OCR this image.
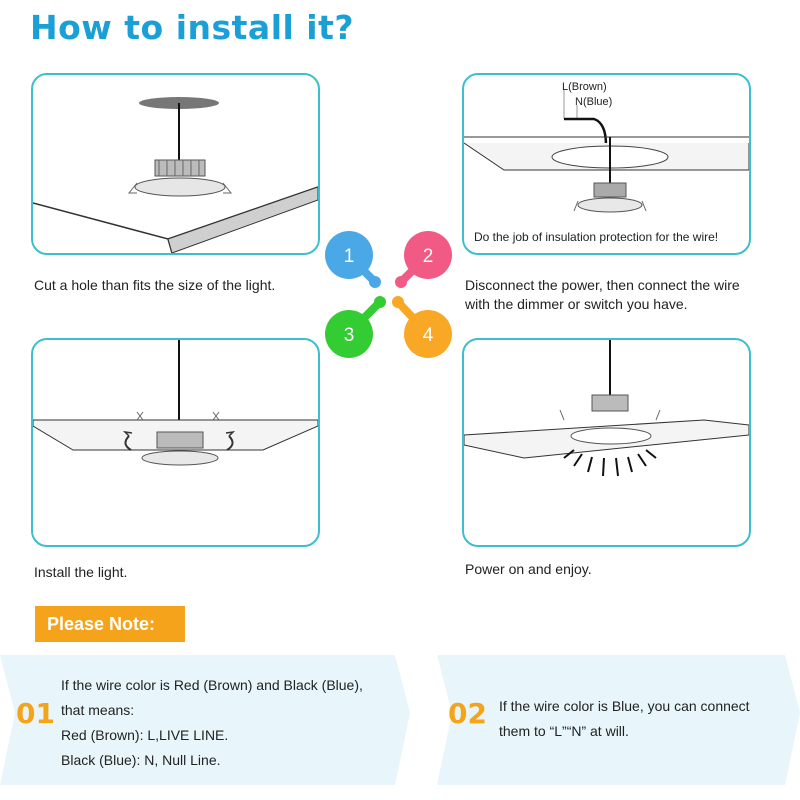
How to install it?
Cut a hole than fits the size of the light.
L(Brown)
N(Blue)
Do the job of insulation protection for the wire!
Disconnect the power, then connect the wire
with the dimmer or switch you have.
1	2
3	4
Install the light.	Power on and enjoy.
Please Note:
01
If the wire color is Red (Brown) and Black (Blue),
that means:
Red (Brown): L,LIVE LINE.
Black (Blue): N, Null Line.
02 If the wire color is Blue, you can connect
them to “L”“N” at will.
